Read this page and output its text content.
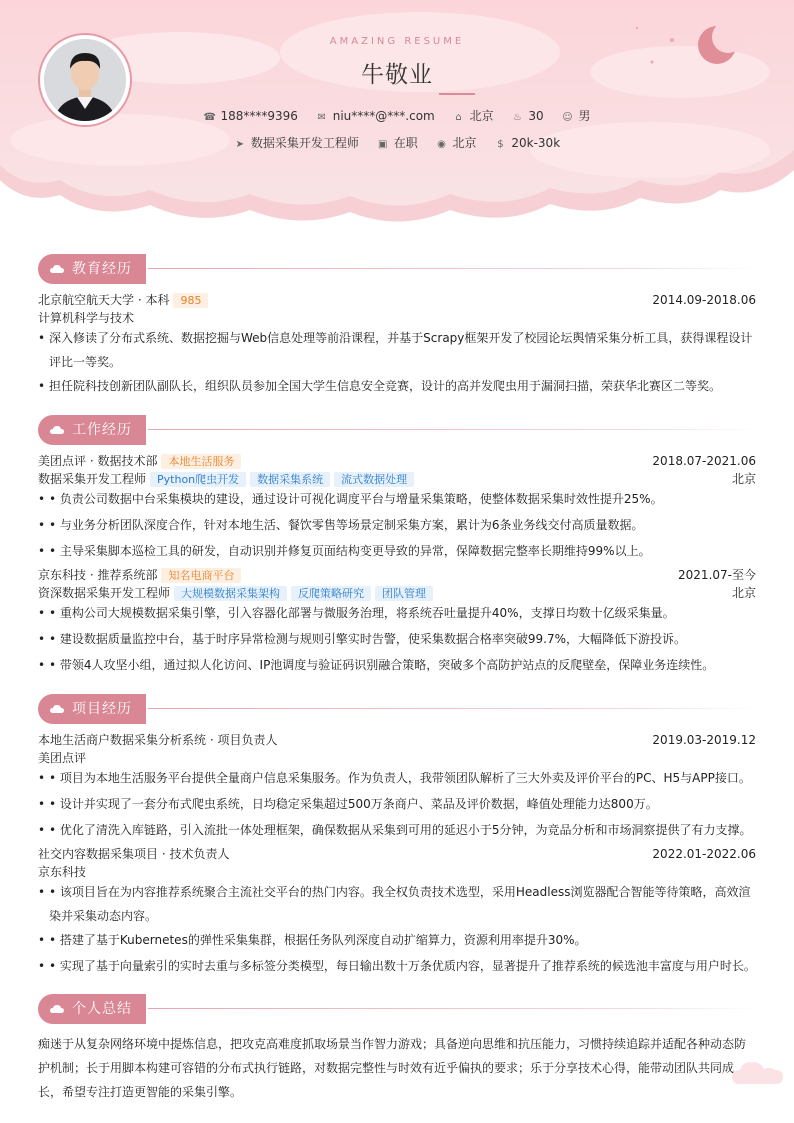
AMAZING RESUME
牛敬业
☎ 188****9396 ✉ niu****@***.com ⌂ 北京 ♨ 30 ☺ 男
➤ 数据采集开发工程师 ▣ 在职 ◉ 北京 $ 20k-30k
教育经历
北京航空航天大学 · 本科 985	2014.09-2018.06
计算机科学与技术
• 深入修读了分布式系统、数据挖掘与Web信息处理等前沿课程，并基于Scrapy框架开发了校园论坛舆情采集分析工具，获得课程设计评比一等奖。
• 担任院科技创新团队副队长，组织队员参加全国大学生信息安全竞赛，设计的高并发爬虫用于漏洞扫描，荣获华北赛区二等奖。
工作经历
美团点评 · 数据技术部 本地生活服务	2018.07-2021.06
数据采集开发工程师 Python爬虫开发 数据采集系统 流式数据处理	北京
• • 负责公司数据中台采集模块的建设，通过设计可视化调度平台与增量采集策略，使整体数据采集时效性提升25%。
• • 与业务分析团队深度合作，针对本地生活、餐饮零售等场景定制采集方案，累计为6条业务线交付高质量数据。
• • 主导采集脚本巡检工具的研发，自动识别并修复页面结构变更导致的异常，保障数据完整率长期维持99%以上。
京东科技 · 推荐系统部 知名电商平台	2021.07-至今
资深数据采集开发工程师 大规模数据采集架构 反爬策略研究 团队管理	北京
• • 重构公司大规模数据采集引擎，引入容器化部署与微服务治理，将系统吞吐量提升40%，支撑日均数十亿级采集量。
• • 建设数据质量监控中台，基于时序异常检测与规则引擎实时告警，使采集数据合格率突破99.7%，大幅降低下游投诉。
• • 带领4人攻坚小组，通过拟人化访问、IP池调度与验证码识别融合策略，突破多个高防护站点的反爬壁垒，保障业务连续性。
项目经历
本地生活商户数据采集分析系统 · 项目负责人	2019.03-2019.12
美团点评
• • 项目为本地生活服务平台提供全量商户信息采集服务。作为负责人，我带领团队解析了三大外卖及评价平台的PC、H5与APP接口。
• • 设计并实现了一套分布式爬虫系统，日均稳定采集超过500万条商户、菜品及评价数据，峰值处理能力达800万。
• • 优化了清洗入库链路，引入流批一体处理框架，确保数据从采集到可用的延迟小于5分钟，为竞品分析和市场洞察提供了有力支撑。
社交内容数据采集项目 · 技术负责人	2022.01-2022.06
京东科技
• • 该项目旨在为内容推荐系统聚合主流社交平台的热门内容。我全权负责技术选型，采用Headless浏览器配合智能等待策略，高效渲染并采集动态内容。
• • 搭建了基于Kubernetes的弹性采集集群，根据任务队列深度自动扩缩算力，资源利用率提升30%。
• • 实现了基于向量索引的实时去重与多标签分类模型，每日输出数十万条优质内容，显著提升了推荐系统的候选池丰富度与用户时长。
个人总结
痴迷于从复杂网络环境中提炼信息，把攻克高难度抓取场景当作智力游戏；具备逆向思维和抗压能力，习惯持续追踪并适配各种动态防护机制；长于用脚本构建可容错的分布式执行链路，对数据完整性与时效有近乎偏执的要求；乐于分享技术心得，能带动团队共同成长，希望专注打造更智能的采集引擎。
